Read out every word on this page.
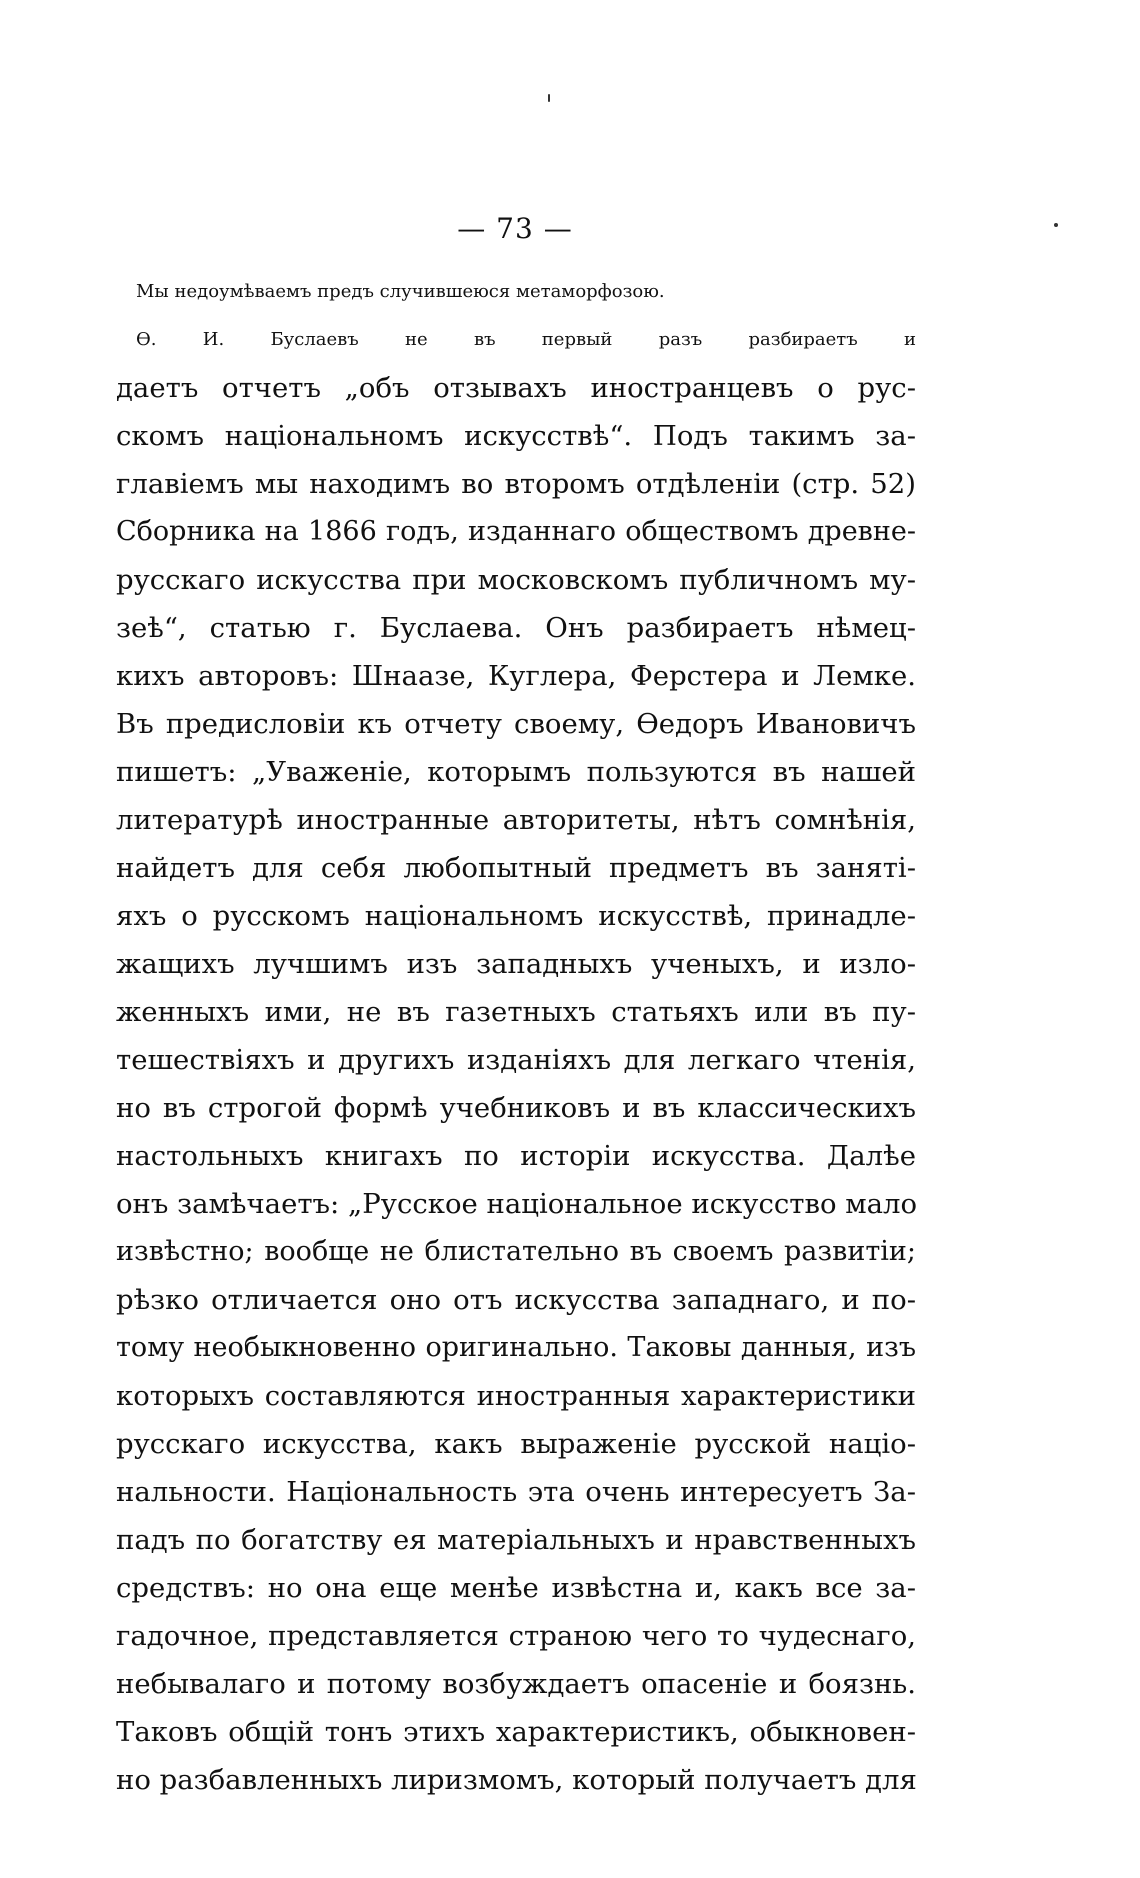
— 73 —
Мы недоумѣваемъ предъ случившеюся метаморфозою.
Ѳ. И. Буслаевъ не въ первый разъ разбираетъ и
даетъ отчетъ „объ отзывахъ иностранцевъ о рус-
скомъ національномъ искусствѣ“. Подъ такимъ за-
главіемъ мы находимъ во второмъ отдѣленіи (стр. 52)
Сборника на 1866 годъ, изданнаго обществомъ древне-
русскаго искусства при московскомъ публичномъ му-
зеѣ“, статью г. Буслаева. Онъ разбираетъ нѣмец-
кихъ авторовъ: Шнаазе, Куглера, Ферстера и Лемке.
Въ предисловіи къ отчету своему, Ѳедоръ Ивановичъ
пишетъ: „Уваженіе, которымъ пользуются въ нашей
литературѣ иностранные авторитеты, нѣтъ сомнѣнія,
найдетъ для себя любопытный предметъ въ заняті-
яхъ о русскомъ національномъ искусствѣ, принадле-
жащихъ лучшимъ изъ западныхъ ученыхъ, и изло-
женныхъ ими, не въ газетныхъ статьяхъ или въ пу-
тешествіяхъ и другихъ изданіяхъ для легкаго чтенія,
но въ строгой формѣ учебниковъ и въ классическихъ
настольныхъ книгахъ по исторіи искусства. Далѣе
онъ замѣчаетъ: „Русское національное искусство мало
извѣстно; вообще не блистательно въ своемъ развитіи;
рѣзко отличается оно отъ искусства западнаго, и по-
тому необыкновенно оригинально. Таковы данныя, изъ
которыхъ составляются иностранныя характеристики
русскаго искусства, какъ выраженіе русской націо-
нальности. Національность эта очень интересуетъ За-
падъ по богатству ея матеріальныхъ и нравственныхъ
средствъ: но она еще менѣе извѣстна и, какъ все за-
гадочное, представляется страною чего то чудеснаго,
небывалаго и потому возбуждаетъ опасеніе и боязнь.
Таковъ общій тонъ этихъ характеристикъ, обыкновен-
но разбавленныхъ лиризмомъ, который получаетъ для
